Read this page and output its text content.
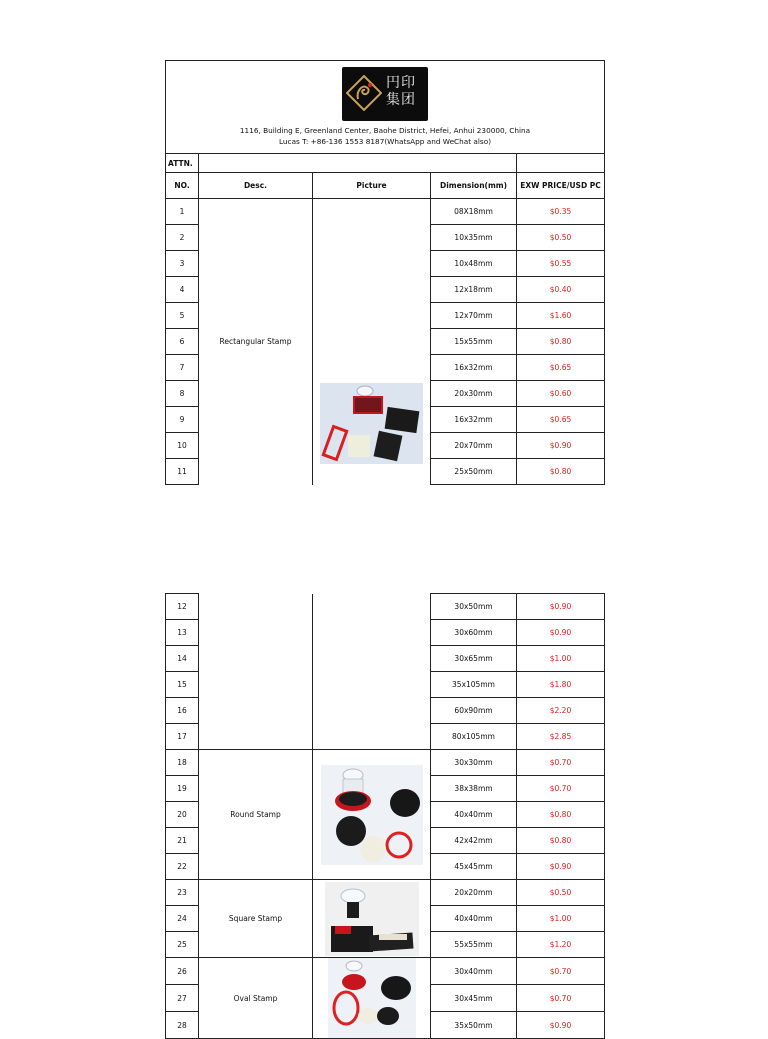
円印
集团
1116, Building E, Greenland Center, Baohe District, Hefei, Anhui 230000, China
Lucas T: +86-136 1553 8187(WhatsApp and WeChat also)				

ATTN.				
NO.	Desc.	Picture	Dimension(mm)	EXW PRICE/USD PC
1	Rectangular Stamp		08X18mm	$0.35
2			10x35mm	$0.50
3			10x48mm	$0.55
4			12x18mm	$0.40
5			12x70mm	$1.60
6			15x55mm	$0.80
7			16x32mm	$0.65
8			20x30mm	$0.60
9			16x32mm	$0.65
10			20x70mm	$0.90
11			25x50mm	$0.80
12			30x50mm	$0.90
13			30x60mm	$0.90
14			30x65mm	$1.00
15			35x105mm	$1.80
16			60x90mm	$2.20
17			80x105mm	$2.85
18	Round Stamp		30x30mm	$0.70
19			38x38mm	$0.70
20			40x40mm	$0.80
21			42x42mm	$0.80
22			45x45mm	$0.90
23	Square Stamp		20x20mm	$0.50
24			40x40mm	$1.00
25			55x55mm	$1.20
26	Oval Stamp		30x40mm	$0.70
27			30x45mm	$0.70
28			35x50mm	$0.90
